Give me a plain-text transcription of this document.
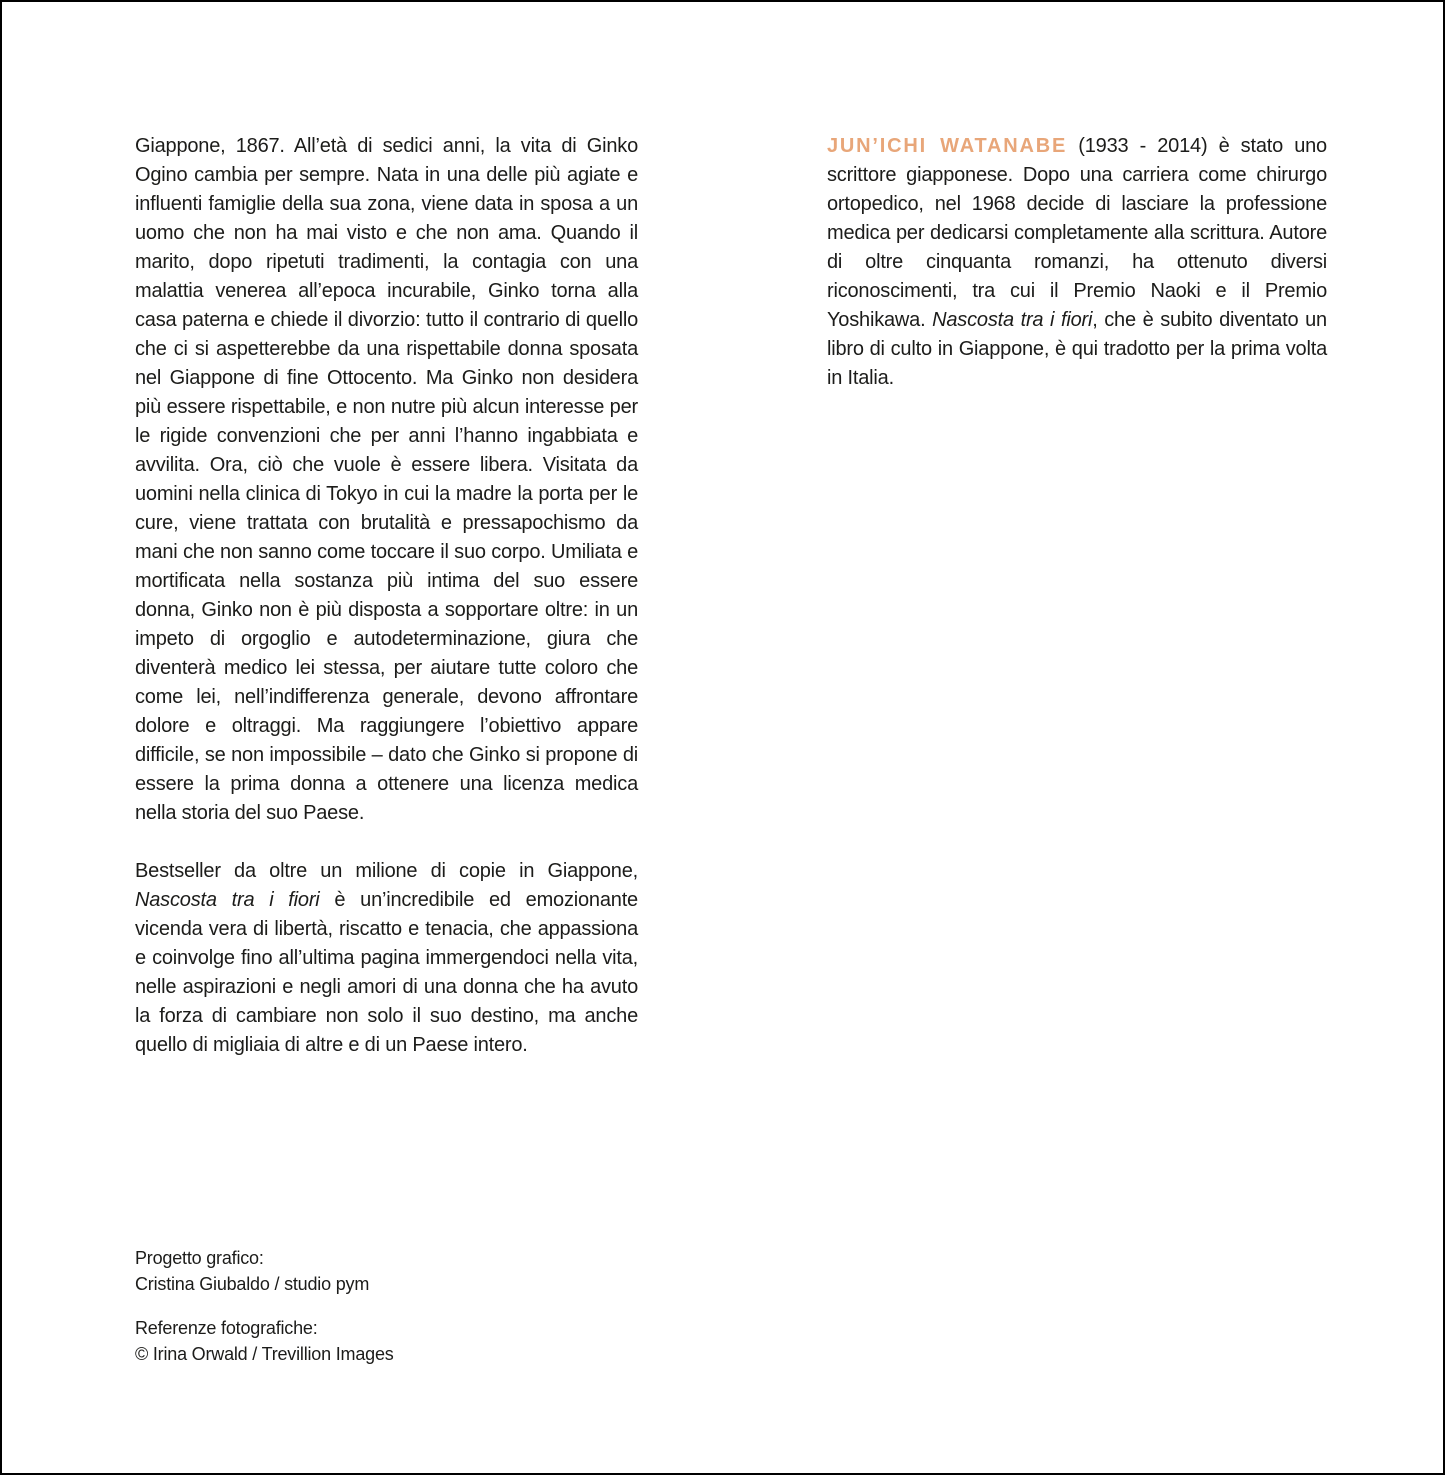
Giappone, 1867. All’età di sedici anni, la vita di Ginko Ogino cambia per sempre. Nata in una delle più agiate e influenti famiglie della sua zona, viene data in sposa a un uomo che non ha mai visto e che non ama. Quando il marito, dopo ripetuti tradimenti, la contagia con una malattia venerea all’epoca incurabile, Ginko torna alla casa paterna e chiede il divorzio: tutto il contrario di quello che ci si aspetterebbe da una rispettabile donna sposata nel Giappone di fine Ottocento. Ma Ginko non desidera più essere rispettabile, e non nutre più alcun interesse per le rigide convenzioni che per anni l’hanno ingabbiata e avvilita. Ora, ciò che vuole è essere libera. Visitata da uomini nella clinica di Tokyo in cui la madre la porta per le cure, viene trattata con brutalità e pressapochismo da mani che non sanno come toccare il suo corpo. Umiliata e mortificata nella sostanza più intima del suo essere donna, Ginko non è più disposta a sopportare oltre: in un impeto di orgoglio e autodeterminazione, giura che diventerà medico lei stessa, per aiutare tutte coloro che come lei, nell’indifferenza generale, devono affrontare dolore e oltraggi. Ma raggiungere l’obiettivo appare difficile, se non impossibile – dato che Ginko si propone di essere la prima donna a ottenere una licenza medica nella storia del suo Paese.

Bestseller da oltre un milione di copie in Giappone, Nascosta tra i fiori è un’incredibile ed emozionante vicenda vera di libertà, riscatto e tenacia, che appassiona e coinvolge fino all’ultima pagina immergendoci nella vita, nelle aspirazioni e negli amori di una donna che ha avuto la forza di cambiare non solo il suo destino, ma anche quello di migliaia di altre e di un Paese intero.

Progetto grafico:
Cristina Giubaldo / studio pym
Referenze fotografiche:
© Irina Orwald / Trevillion Images

JUN’ICHI WATANABE (1933 - 2014) è stato uno scrittore giapponese. Dopo una carriera come chirurgo ortopedico, nel 1968 decide di lasciare la professione medica per dedicarsi completamente alla scrittura. Autore di oltre cinquanta romanzi, ha ottenuto diversi riconoscimenti, tra cui il Premio Naoki e il Premio Yoshikawa. Nascosta tra i fiori, che è subito diventato un libro di culto in Giappone, è qui tradotto per la prima volta in Italia.
